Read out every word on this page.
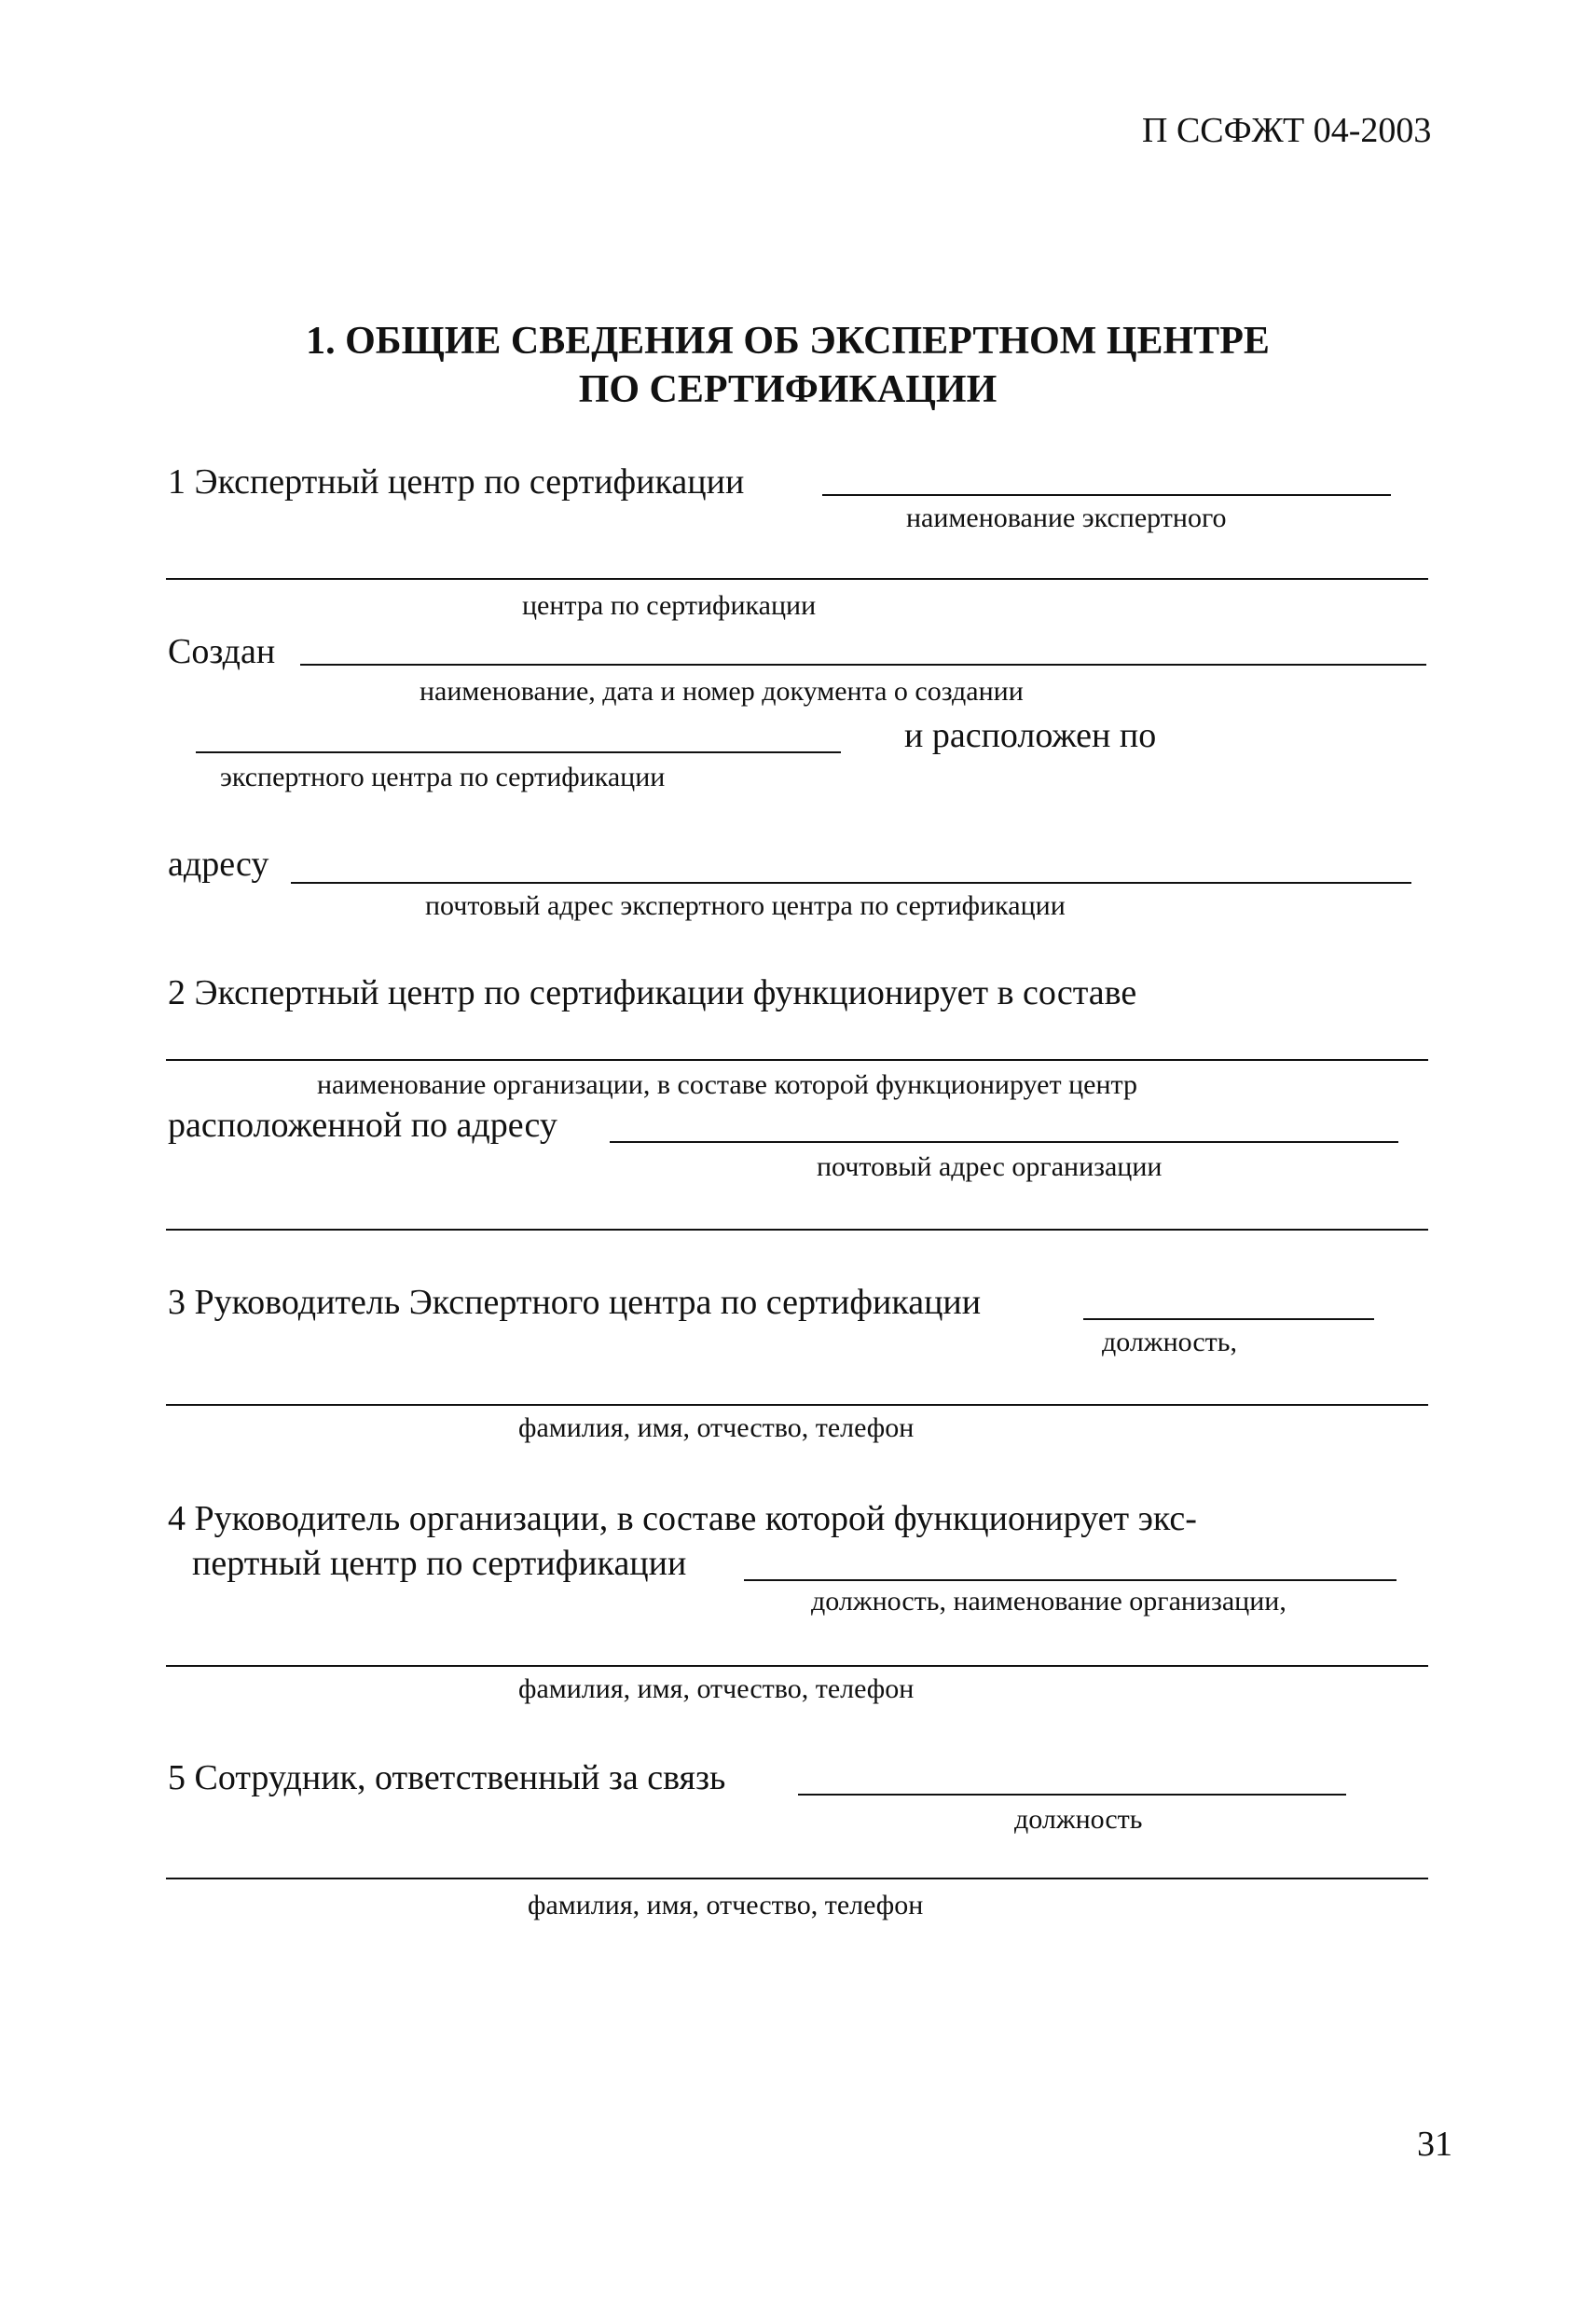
П ССФЖТ 04-2003
1. ОБЩИЕ СВЕДЕНИЯ ОБ ЭКСПЕРТНОМ ЦЕНТРЕ
ПО СЕРТИФИКАЦИИ
1 Экспертный центр по сертификации
наименование экспертного
центра по сертификации
Создан
наименование, дата и номер документа о создании
и расположен по
экспертного центра по сертификации
адресу
почтовый адрес экспертного центра по сертификации
2 Экспертный центр по сертификации функционирует в составе
наименование организации, в составе которой функционирует центр
расположенной по адресу
почтовый адрес организации
3 Руководитель Экспертного центра по сертификации
должность,
фамилия, имя, отчество, телефон
4 Руководитель организации, в составе которой функционирует экс-
пертный центр по сертификации
должность, наименование организации,
фамилия, имя, отчество, телефон
5 Сотрудник, ответственный за связь
должность
фамилия, имя, отчество, телефон
31
